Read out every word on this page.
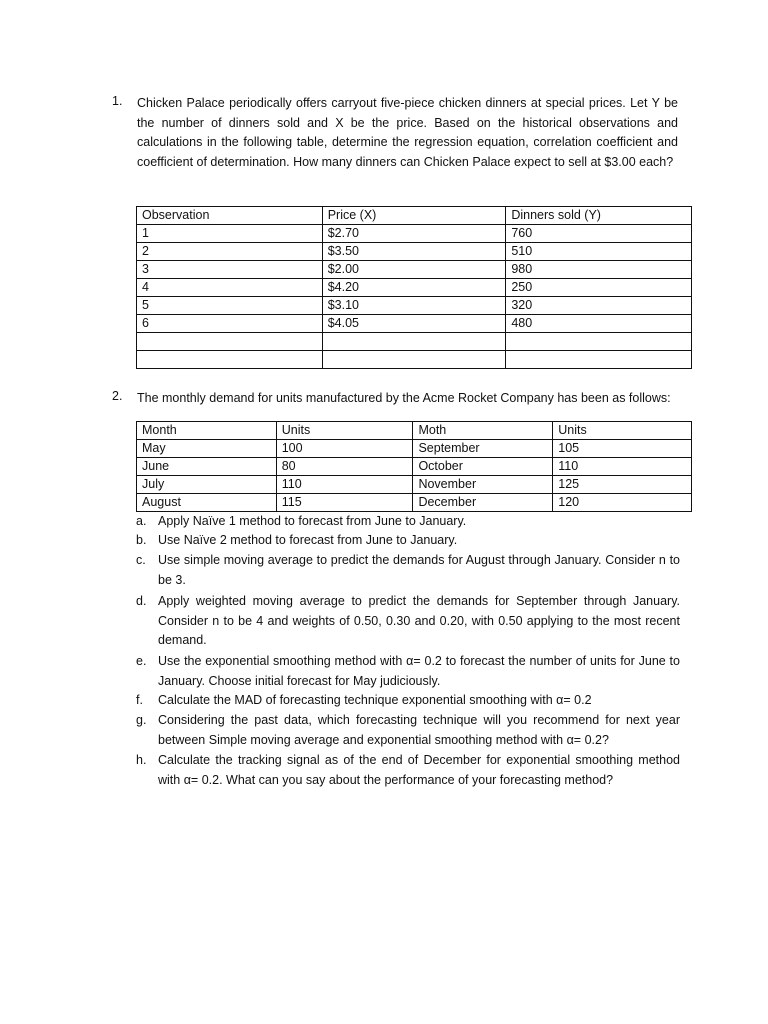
1.	Chicken Palace periodically offers carryout five-piece chicken dinners at special prices. Let Y be the number of dinners sold and X be the price. Based on the historical observations and calculations in the following table, determine the regression equation, correlation coefficient and coefficient of determination. How many dinners can Chicken Palace expect to sell at $3.00 each?
Observation	Price (X)	Dinners sold (Y)
1	$2.70	760
2	$3.50	510
3	$2.00	980
4	$4.20	250
5	$3.10	320
6	$4.05	480

2.	The monthly demand for units manufactured by the Acme Rocket Company has been as follows:
Month	Units	Moth	Units
May	100	September	105
June	80	October	110
July	110	November	125
August	115	December	120
a. Apply Naïve 1 method to forecast from June to January.
b. Use Naïve 2 method to forecast from June to January.
c. Use simple moving average to predict the demands for August through January. Consider n to be 3.
d. Apply weighted moving average to predict the demands for September through January. Consider n to be 4 and weights of 0.50, 0.30 and 0.20, with 0.50 applying to the most recent demand.
e. Use the exponential smoothing method with α= 0.2 to forecast the number of units for June to January. Choose initial forecast for May judiciously.
f.	Calculate the MAD of forecasting technique exponential smoothing with α= 0.2
g. Considering the past data, which forecasting technique will you recommend for next year between Simple moving average and exponential smoothing method with α= 0.2?
h. Calculate the tracking signal as of the end of December for exponential smoothing method with α= 0.2. What can you say about the performance of your forecasting method?
